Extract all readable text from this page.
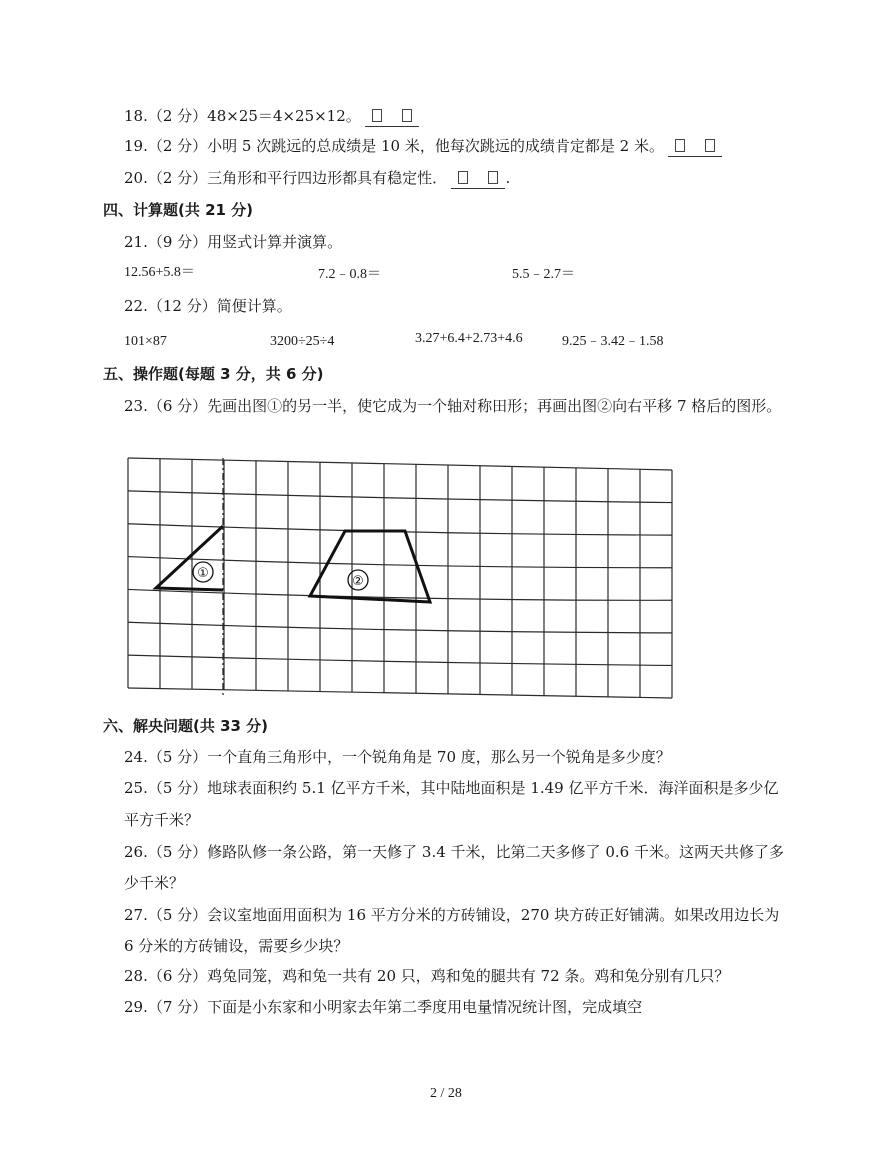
18.（2 分）48×25＝4×25×12。
19.（2 分）小明 5 次跳远的总成绩是 10 米，他每次跳远的成绩肯定都是 2 米。
20.（2 分）三角形和平行四边形都具有稳定性．	.
四、计算题(共 21 分)
21.（9 分）用竖式计算并演算。
12.56+5.8＝	7.2﹣0.8＝	5.5﹣2.7＝
22.（12 分）简便计算。
101×87	3200÷25÷4	3.27+6.4+2.73+4.6	9.25﹣3.42﹣1.58
五、操作题(每题 3 分，共 6 分)
23.（6 分）先画出图①的另一半，使它成为一个轴对称田形；再画出图②向右平移 7 格后的图形。
①
②
六、解央问题(共 33 分)
24.（5 分）一个直角三角形中，一个锐角角是 70 度，那么另一个锐角是多少度？
25.（5 分）地球表面积约 5.1 亿平方千米，其中陆地面积是 1.49 亿平方千米．海洋面积是多少亿
平方千米？
26.（5 分）修路队修一条公路，第一天修了 3.4 千米，比第二天多修了 0.6 千米。这两天共修了多
少千米？
27.（5 分）会议室地面用面积为 16 平方分米的方砖铺设，270 块方砖正好铺满。如果改用边长为
6 分米的方砖铺设，需要乡少块？
28.（6 分）鸡兔同笼，鸡和兔一共有 20 只，鸡和兔的腿共有 72 条。鸡和兔分别有几只？
29.（7 分）下面是小东家和小明家去年第二季度用电量情况统计图，完成填空
2 / 28
